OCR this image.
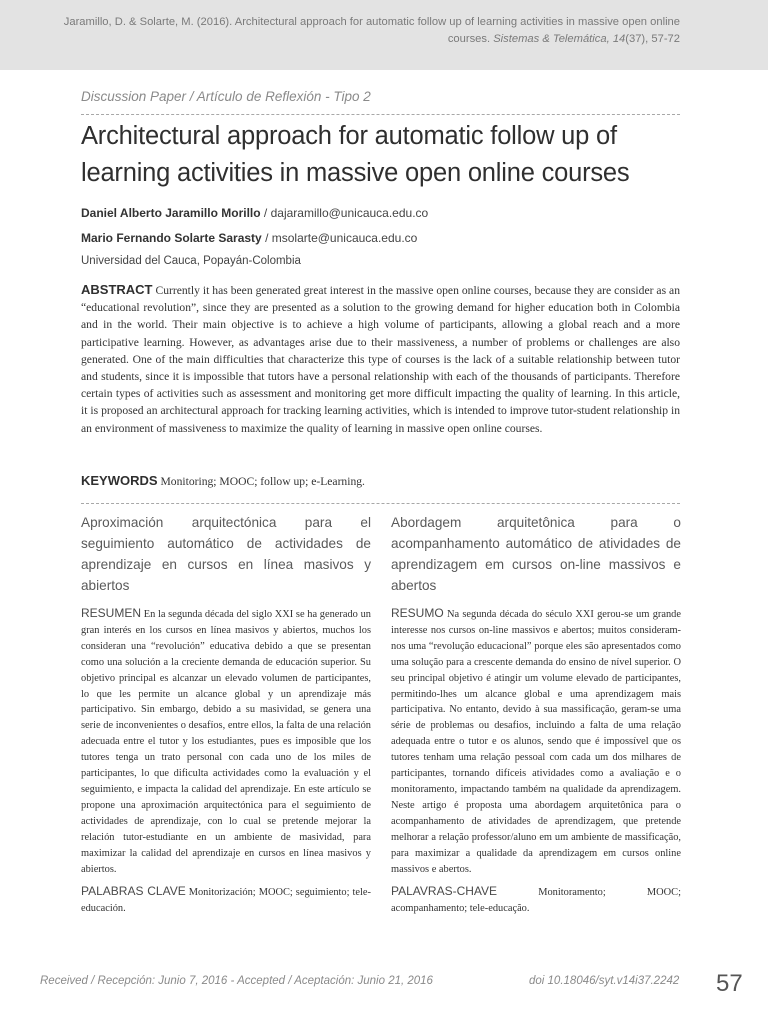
Jaramillo, D. & Solarte, M. (2016). Architectural approach for automatic follow up of learning activities in massive open online courses. Sistemas & Telemática, 14(37), 57-72
Discussion Paper / Artículo de Reflexión - Tipo 2
Architectural approach for automatic follow up of learning activities in massive open online courses
Daniel Alberto Jaramillo Morillo / dajaramillo@unicauca.edu.co
Mario Fernando Solarte Sarasty / msolarte@unicauca.edu.co
Universidad del Cauca, Popayán-Colombia

ABSTRACT Currently it has been generated great interest in the massive open online courses, because they are consider as an “educational revolution”, since they are presented as a solution to the growing demand for higher education both in Colombia and in the world. Their main objective is to achieve a high volume of participants, allowing a global reach and a more participative learning. However, as advantages arise due to their massiveness, a number of problems or challenges are also generated. One of the main difficulties that characterize this type of courses is the lack of a suitable relationship between tutor and students, since it is impossible that tutors have a personal relationship with each of the thousands of participants. Therefore certain types of activities such as assessment and monitoring get more difficult impacting the quality of learning. In this article, it is proposed an architectural approach for tracking learning activities, which is intended to improve tutor-student relationship in an environment of massiveness to maximize the quality of learning in massive open online courses.

KEYWORDS Monitoring; MOOC; follow up; e-Learning.
Aproximación arquitectónica para el seguimiento automático de actividades de aprendizaje en cursos en línea masivos y abiertos

RESUMEN En la segunda década del siglo XXI se ha generado un gran interés en los cursos en línea masivos y abiertos, muchos los consideran una “revolución” educativa debido a que se presentan como una solución a la creciente demanda de educación superior. Su objetivo principal es alcanzar un elevado volumen de participantes, lo que les permite un alcance global y un aprendizaje más participativo. Sin embargo, debido a su masividad, se genera una serie de inconvenientes o desafíos, entre ellos, la falta de una relación adecuada entre el tutor y los estudiantes, pues es imposible que los tutores tenga un trato personal con cada uno de los miles de participantes, lo que dificulta actividades como la evaluación y el seguimiento, e impacta la calidad del aprendizaje. En este artículo se propone una aproximación arquitectónica para el seguimiento de actividades de aprendizaje, con lo cual se pretende mejorar la relación tutor-estudiante en un ambiente de masividad, para maximizar la calidad del aprendizaje en cursos en línea masivos y abiertos.

PALABRAS CLAVE Monitorización; MOOC; seguimiento; tele-educación.

Abordagem arquitetônica para o acompanhamento automático de atividades de aprendizagem em cursos on-line massivos e abertos

RESUMO Na segunda década do século XXI gerou-se um grande interesse nos cursos on-line massivos e abertos; muitos consideram-nos uma “revolução educacional” porque eles são apresentados como uma solução para a crescente demanda do ensino de nível superior. O seu principal objetivo é atingir um volume elevado de participantes, permitindo-lhes um alcance global e uma aprendizagem mais participativa. No entanto, devido à sua massificação, geram-se uma série de problemas ou desafios, incluindo a falta de uma relação adequada entre o tutor e os alunos, sendo que é impossível que os tutores tenham uma relação pessoal com cada um dos milhares de participantes, tornando difíceis atividades como a avaliação e o monitoramento, impactando também na qualidade da aprendizagem. Neste artigo é proposta uma abordagem arquitetônica para o acompanhamento de atividades de aprendizagem, que pretende melhorar a relação professor/aluno em um ambiente de massificação, para maximizar a qualidade da aprendizagem em cursos online massivos e abertos.

PALAVRAS-CHAVE	Monitoramento; MOOC; acompanhamento; tele-educação.

Received / Recepción: Junio 7, 2016 - Accepted / Aceptación: Junio 21, 2016	doi 10.18046/syt.v14i37.2242 57
